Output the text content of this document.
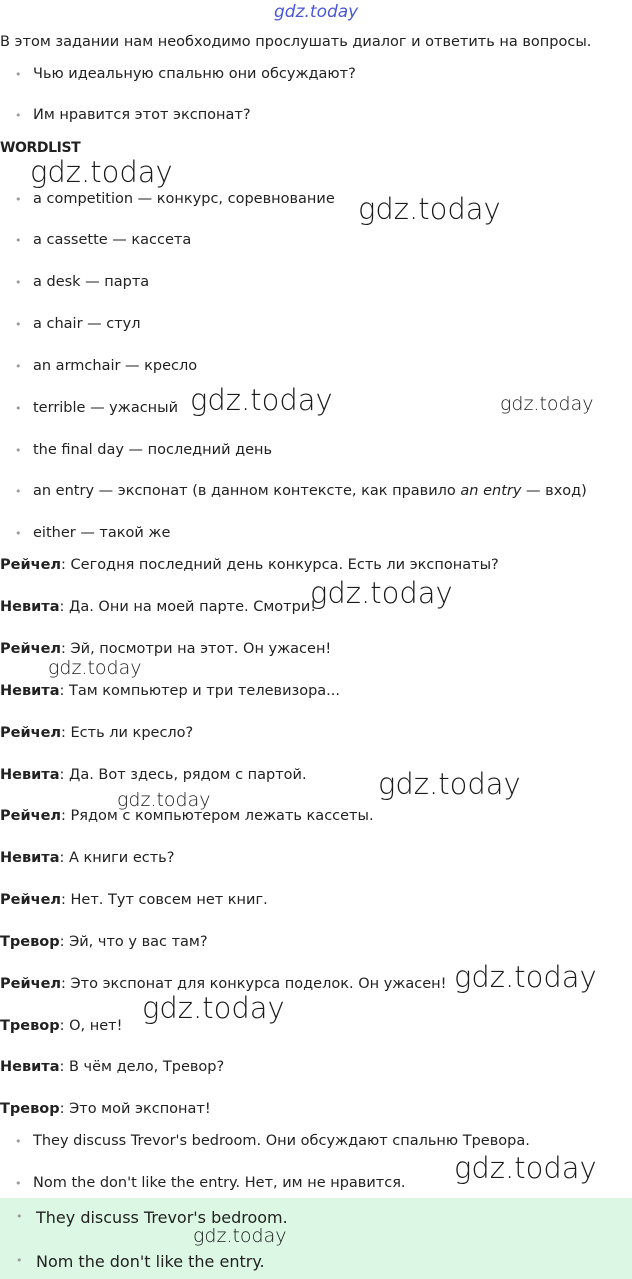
gdz.today
В этом задании нам необходимо прослушать диалог и ответить на вопросы.
• Чью идеальную спальню они обсуждают?
• Им нравится этот экспонат?
WORDLIST
• a competition — конкурс, соревнование
• a cassette — кассета
• a desk — парта
• a chair — стул
• an armchair — кресло
• terrible — ужасный
• the final day — последний день
• an entry — экспонат (в данном контексте, как правило an entry — вход)
• either — такой же
Рейчел: Сегодня последний день конкурса. Есть ли экспонаты?
Невита: Да. Они на моей парте. Смотри!
Рейчел: Эй, посмотри на этот. Он ужасен!
Невита: Там компьютер и три телевизора...
Рейчел: Есть ли кресло?
Невита: Да. Вот здесь, рядом с партой.
Рейчел: Рядом с компьютером лежать кассеты.
Невита: А книги есть?
Рейчел: Нет. Тут совсем нет книг.
Тревор: Эй, что у вас там?
Рейчел: Это экспонат для конкурса поделок. Он ужасен!
Тревор: О, нет!
Невита: В чём дело, Тревор?
Тревор: Это мой экспонат!
• They discuss Trevor's bedroom. Они обсуждают спальню Тревора.
• Nom the don't like the entry. Нет, им не нравится.
• They discuss Trevor's bedroom.
• Nom the don't like the entry.
gdz.today
gdz.today
gdz.today	gdz.today
gdz.today
gdz.today
gdz.today
gdz.today
gdz.today
gdz.today
gdz.today
gdz.today
